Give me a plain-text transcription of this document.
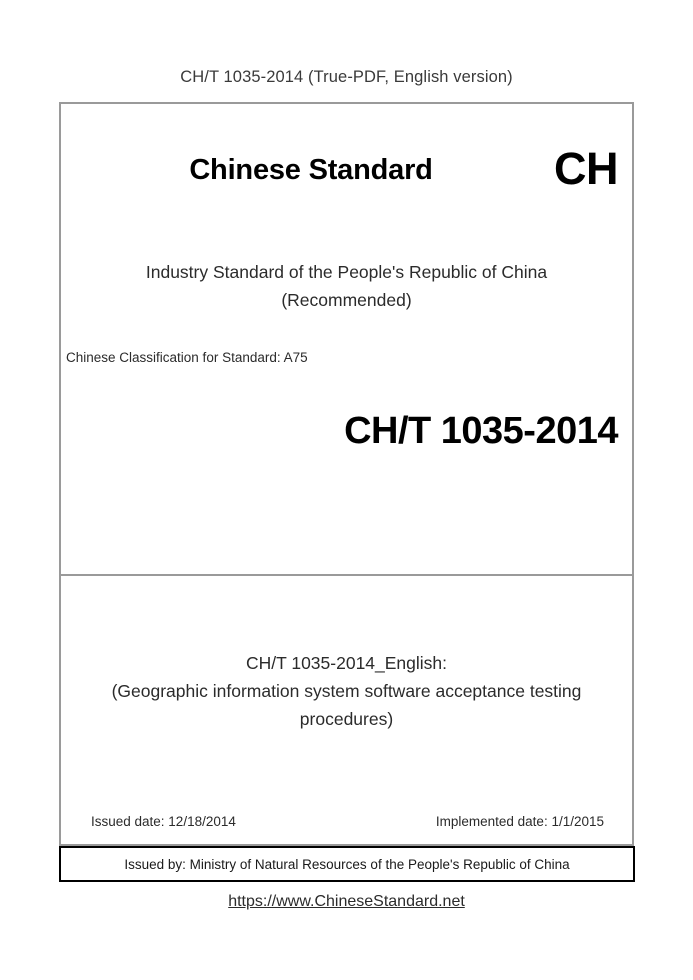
CH/T 1035-2014 (True-PDF, English version)
Chinese Standard	CH
Industry Standard of the People's Republic of China
(Recommended)
Chinese Classification for Standard: A75
CH/T 1035-2014
CH/T 1035-2014_English:
(Geographic information system software acceptance testing
procedures)
Issued date: 12/18/2014	Implemented date: 1/1/2015
Issued by: Ministry of Natural Resources of the People's Republic of China
https://www.ChineseStandard.net
